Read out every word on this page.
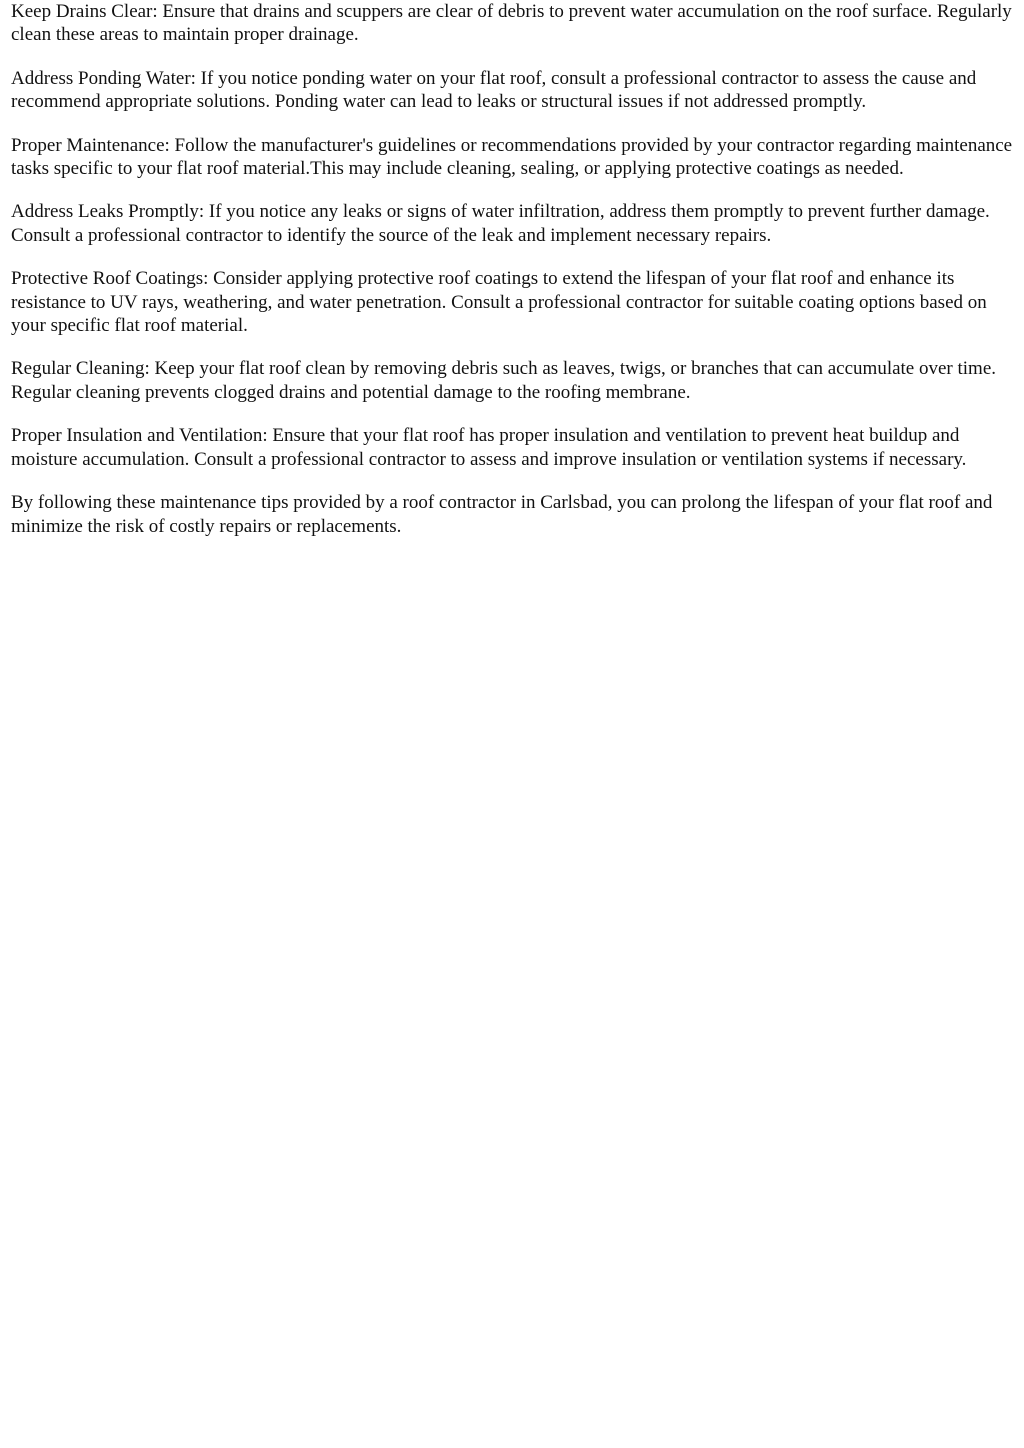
Keep Drains Clear: Ensure that drains and scuppers are clear of debris to prevent water accumulation on the roof surface. Regularly clean these areas to maintain proper drainage.

Address Ponding Water: If you notice ponding water on your flat roof, consult a professional contractor to assess the cause and recommend appropriate solutions. Ponding water can lead to leaks or structural issues if not addressed promptly.

Proper Maintenance: Follow the manufacturer's guidelines or recommendations provided by your contractor regarding maintenance tasks specific to your flat roof material.This may include cleaning, sealing, or applying protective coatings as needed.

Address Leaks Promptly: If you notice any leaks or signs of water infiltration, address them promptly to prevent further damage. Consult a professional contractor to identify the source of the leak and implement necessary repairs.

Protective Roof Coatings: Consider applying protective roof coatings to extend the lifespan of your flat roof and enhance its resistance to UV rays, weathering, and water penetration. Consult a professional contractor for suitable coating options based on your specific flat roof material.

Regular Cleaning: Keep your flat roof clean by removing debris such as leaves, twigs, or branches that can accumulate over time. Regular cleaning prevents clogged drains and potential damage to the roofing membrane.

Proper Insulation and Ventilation: Ensure that your flat roof has proper insulation and ventilation to prevent heat buildup and moisture accumulation. Consult a professional contractor to assess and improve insulation or ventilation systems if necessary.

By following these maintenance tips provided by a roof contractor in Carlsbad, you can prolong the lifespan of your flat roof and minimize the risk of costly repairs or replacements.
